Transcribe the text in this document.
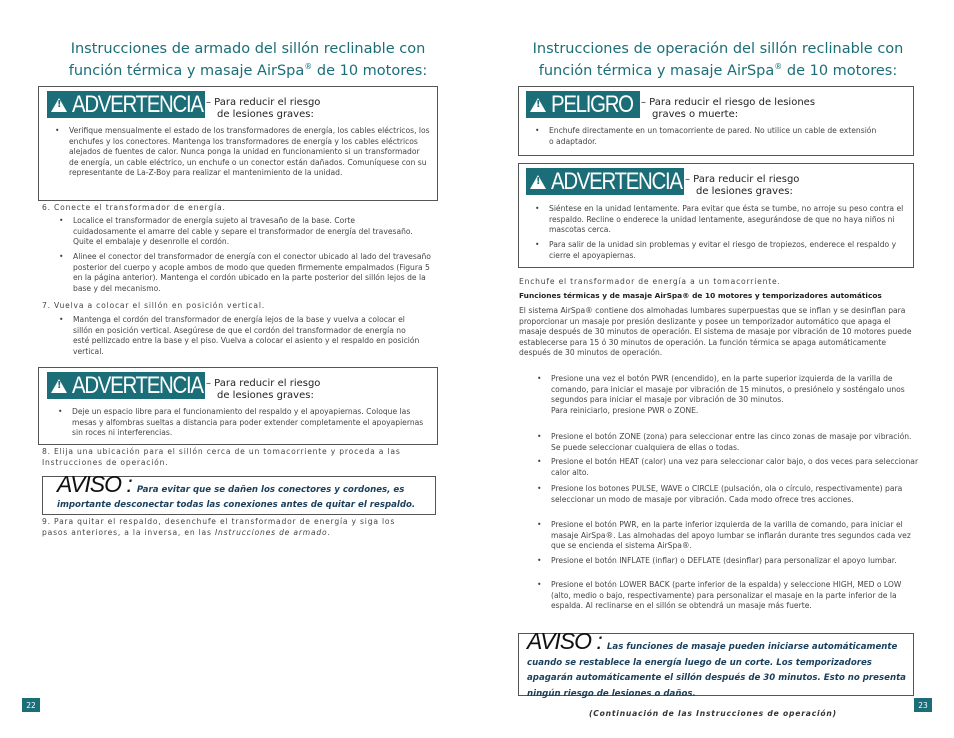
Instrucciones de armado del sillón reclinable con
función térmica y masaje AirSpa® de 10 motores:
!
ADVERTENCIA – Para reducir el riesgo
de lesiones graves:
• Verifique mensualmente el estado de los transformadores de energía, los cables eléctricos, los enchufes y los conectores. Mantenga los transformadores de energía y los cables eléctricos alejados de fuentes de calor. Nunca ponga la unidad en funcionamiento si un transformador de energía, un cable eléctrico, un enchufe o un conector están dañados. Comuníquese con su representante de La-Z-Boy para realizar el mantenimiento de la unidad.
6. Conecte el transformador de energía.
• Localice el transformador de energía sujeto al travesaño de la base. Corte cuidadosamente el amarre del cable y separe el transformador de energía del travesaño. Quite el embalaje y desenrolle el cordón.
• Alinee el conector del transformador de energía con el conector ubicado al lado del travesaño posterior del cuerpo y acople ambos de modo que queden firmemente empalmados (Figura 5 en la página anterior). Mantenga el cordón ubicado en la parte posterior del sillón lejos de la base y del mecanismo.
7. Vuelva a colocar el sillón en posición vertical.
• Mantenga el cordón del transformador de energía lejos de la base y vuelva a colocar el sillón en posición vertical. Asegúrese de que el cordón del transformador de energía no esté pellizcado entre la base y el piso. Vuelva a colocar el asiento y el respaldo en posición vertical.
!
ADVERTENCIA – Para reducir el riesgo
de lesiones graves:
• Deje un espacio libre para el funcionamiento del respaldo y el apoyapiernas. Coloque las mesas y alfombras sueltas a distancia para poder extender completamente el apoyapiernas sin roces ni interferencias.
8. Elija una ubicación para el sillón cerca de un tomacorriente y proceda a las Instrucciones de operación.
AVISO : Para evitar que se dañen los conectores y cordones, es importante desconectar todas las conexiones antes de quitar el respaldo.
9. Para quitar el respaldo, desenchufe el transformador de energía y siga los pasos anteriores, a la inversa, en las Instrucciones de armado.
22
Instrucciones de operación del sillón reclinable con
función térmica y masaje AirSpa® de 10 motores:
!
PELIGRO – Para reducir el riesgo de lesiones
graves o muerte:
• Enchufe directamente en un tomacorriente de pared. No utilice un cable de extensión o adaptador.
!
ADVERTENCIA – Para reducir el riesgo
de lesiones graves:
• Siéntese en la unidad lentamente. Para evitar que ésta se tumbe, no arroje su peso contra el respaldo. Recline o enderece la unidad lentamente, asegurándose de que no haya niños ni mascotas cerca.
• Para salir de la unidad sin problemas y evitar el riesgo de tropiezos, enderece el respaldo y cierre el apoyapiernas.
Enchufe el transformador de energía a un tomacorriente.
Funciones térmicas y de masaje AirSpa® de 10 motores y temporizadores automáticos
El sistema AirSpa® contiene dos almohadas lumbares superpuestas que se inflan y se desinflan para proporcionar un masaje por presión deslizante y posee un temporizador automático que apaga el masaje después de 30 minutos de operación. El sistema de masaje por vibración de 10 motores puede establecerse para 15 ó 30 minutos de operación. La función térmica se apaga automáticamente después de 30 minutos de operación.
• Presione una vez el botón PWR (encendido), en la parte superior izquierda de la varilla de comando, para iniciar el masaje por vibración de 15 minutos, o presiónelo y sosténgalo unos segundos para iniciar el masaje por vibración de 30 minutos.
Para reiniciarlo, presione PWR o ZONE.
• Presione el botón ZONE (zona) para seleccionar entre las cinco zonas de masaje por vibración. Se puede seleccionar cualquiera de ellas o todas.
• Presione el botón HEAT (calor) una vez para seleccionar calor bajo, o dos veces para seleccionar calor alto.
• Presione los botones PULSE, WAVE o CIRCLE (pulsación, ola o círculo, respectivamente) para seleccionar un modo de masaje por vibración. Cada modo ofrece tres acciones.
• Presione el botón PWR, en la parte inferior izquierda de la varilla de comando, para iniciar el masaje AirSpa®. Las almohadas del apoyo lumbar se inflarán durante tres segundos cada vez que se encienda el sistema AirSpa®.
• Presione el botón INFLATE (inflar) o DEFLATE (desinflar) para personalizar el apoyo lumbar.
• Presione el botón LOWER BACK (parte inferior de la espalda) y seleccione HIGH, MED o LOW (alto, medio o bajo, respectivamente) para personalizar el masaje en la parte inferior de la espalda. Al reclinarse en el sillón se obtendrá un masaje más fuerte.
AVISO : Las funciones de masaje pueden iniciarse automáticamente cuando se restablece la energía luego de un corte. Los temporizadores apagarán automáticamente el sillón después de 30 minutos. Esto no presenta ningún riesgo de lesiones o daños.
(Continuación de las Instrucciones de operación)
23
